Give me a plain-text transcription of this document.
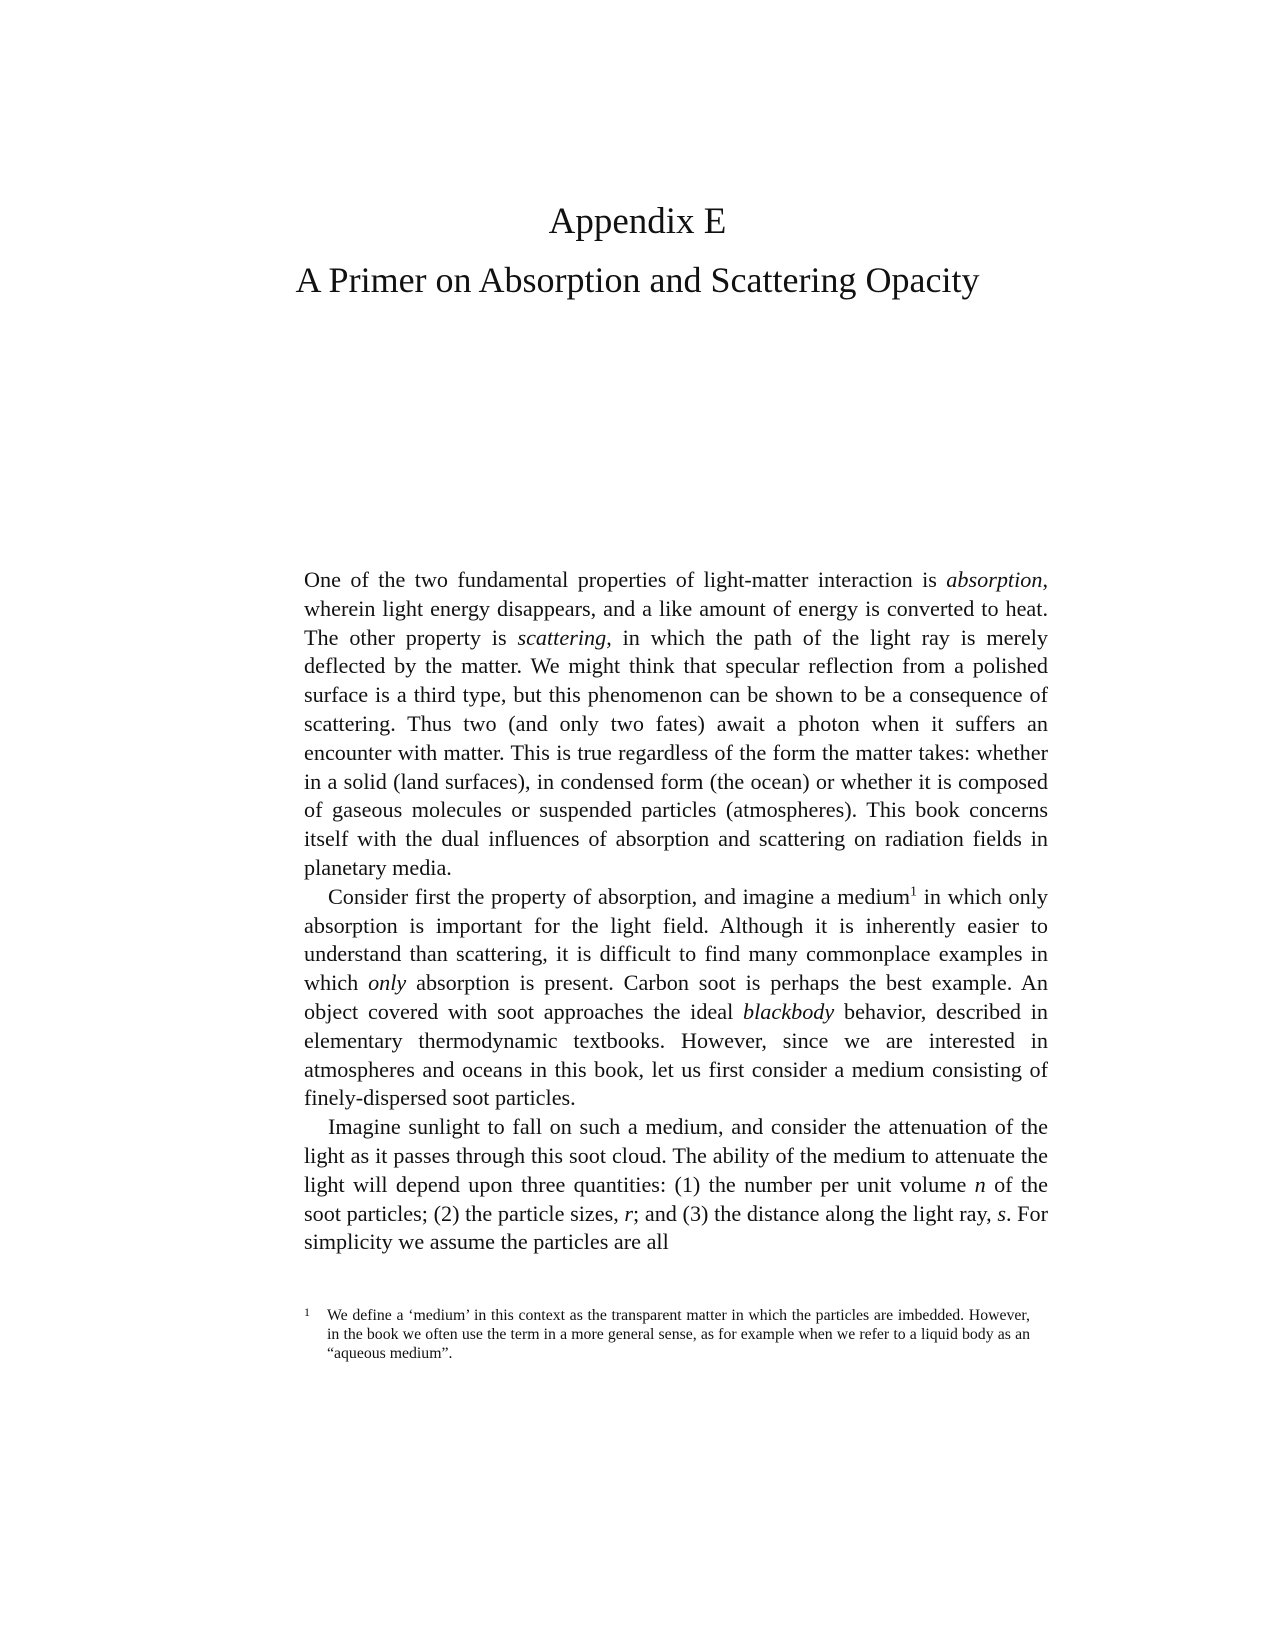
Appendix E
A Primer on Absorption and Scattering Opacity

One of the two fundamental properties of light-matter interaction is absorption, wherein light energy disappears, and a like amount of energy is converted to heat. The other property is scattering, in which the path of the light ray is merely deflected by the matter. We might think that specular reflection from a polished surface is a third type, but this phenomenon can be shown to be a consequence of scattering. Thus two (and only two fates) await a photon when it suffers an encounter with matter. This is true regardless of the form the matter takes: whether in a solid (land surfaces), in condensed form (the ocean) or whether it is composed of gaseous molecules or suspended particles (atmospheres). This book concerns itself with the dual influences of absorption and scattering on radiation fields in planetary media.

Consider first the property of absorption, and imagine a medium$^1$ in which only absorption is important for the light field. Although it is inherently easier to understand than scattering, it is difficult to find many commonplace examples in which only absorption is present. Carbon soot is perhaps the best example. An object covered with soot approaches the ideal blackbody behavior, described in elementary thermodynamic textbooks. However, since we are interested in atmospheres and oceans in this book, let us first consider a medium consisting of finely-dispersed soot particles.

Imagine sunlight to fall on such a medium, and consider the attenuation of the light as it passes through this soot cloud. The ability of the medium to attenuate the light will depend upon three quantities: (1) the number per unit volume n of the soot particles; (2) the particle sizes, r; and (3) the distance along the light ray, s. For simplicity we assume the particles are all

1 We define a ‘medium’ in this context as the transparent matter in which the particles are imbedded. However, in the book we often use the term in a more general sense, as for example when we refer to a liquid body as an “aqueous medium”.
